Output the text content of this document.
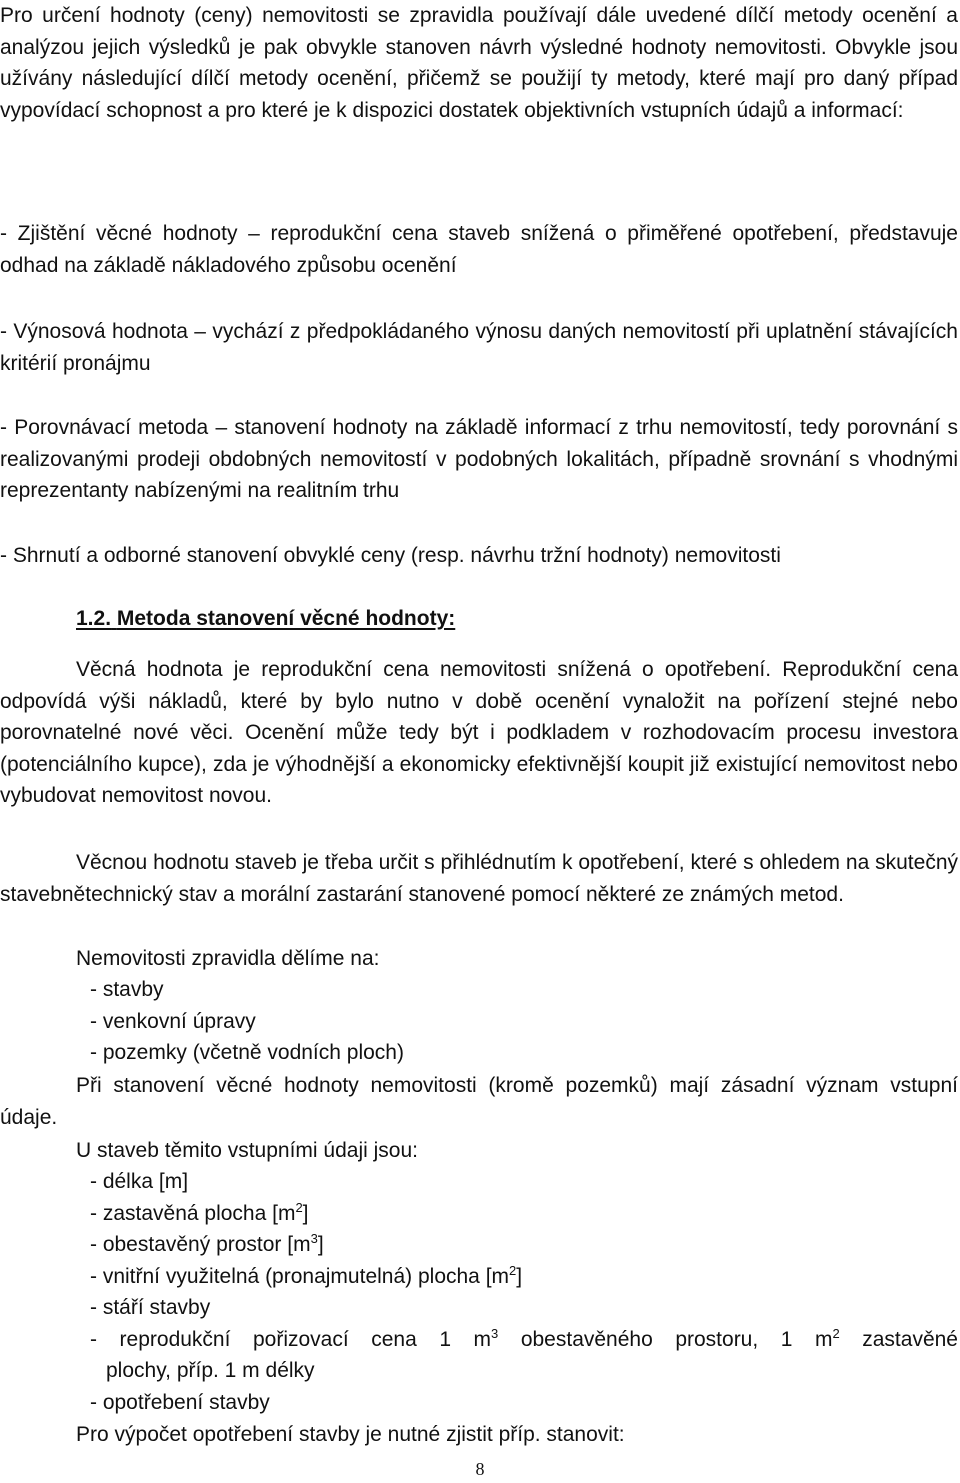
Pro určení hodnoty (ceny) nemovitosti se zpravidla používají dále uvedené dílčí metody ocenění a analýzou jejich výsledků je pak obvykle stanoven návrh výsledné hodnoty nemovitosti. Obvykle jsou užívány následující dílčí metody ocenění, přičemž se použijí ty metody, které mají pro daný případ vypovídací schopnost a pro které je k dispozici dostatek objektivních vstupních údajů a informací:

- Zjištění věcné hodnoty – reprodukční cena staveb snížená o přiměřené opotřebení, představuje odhad na základě nákladového způsobu ocenění

- Výnosová hodnota – vychází z předpokládaného výnosu daných nemovitostí při uplatnění stávajících kritérií pronájmu

- Porovnávací metoda – stanovení hodnoty na základě informací z trhu nemovitostí, tedy porovnání s realizovanými prodeji obdobných nemovitostí v podobných lokalitách, případně srovnání s vhodnými reprezentanty nabízenými na realitním trhu

- Shrnutí a odborné stanovení obvyklé ceny (resp. návrhu tržní hodnoty) nemovitosti

1.2. Metoda stanovení věcné hodnoty:

Věcná hodnota je reprodukční cena nemovitosti snížená o opotřebení. Reprodukční cena odpovídá výši nákladů, které by bylo nutno v době ocenění vynaložit na pořízení stejné nebo porovnatelné nové věci. Ocenění může tedy být i podkladem v rozhodovacím procesu investora (potenciálního kupce), zda je výhodnější a ekonomicky efektivnější koupit již existující nemovitost nebo vybudovat nemovitost novou.

Věcnou hodnotu staveb je třeba určit s přihlédnutím k opotřebení, které s ohledem na skutečný stavebnětechnický stav a morální zastarání stanovené pomocí některé ze známých metod.

Nemovitosti zpravidla dělíme na:

- stavby
- venkovní úpravy
- pozemky (včetně vodních ploch)

Při stanovení věcné hodnoty nemovitosti (kromě pozemků) mají zásadní význam vstupní údaje.

U staveb těmito vstupními údaji jsou:

- délka [m]
- zastavěná plocha $[m^2]$
- obestavěný prostor $[m^3]$
- vnitřní využitelná (pronajmutelná) plocha $[m^2]$
- stáří stavby
- reprodukční pořizovací cena 1 $m^3$ obestavěného prostoru, 1 $m^2$ zastavěné
plochy, příp. 1 m délky
- opotřebení stavby

Pro výpočet opotřebení stavby je nutné zjistit příp. stanovit:

8
